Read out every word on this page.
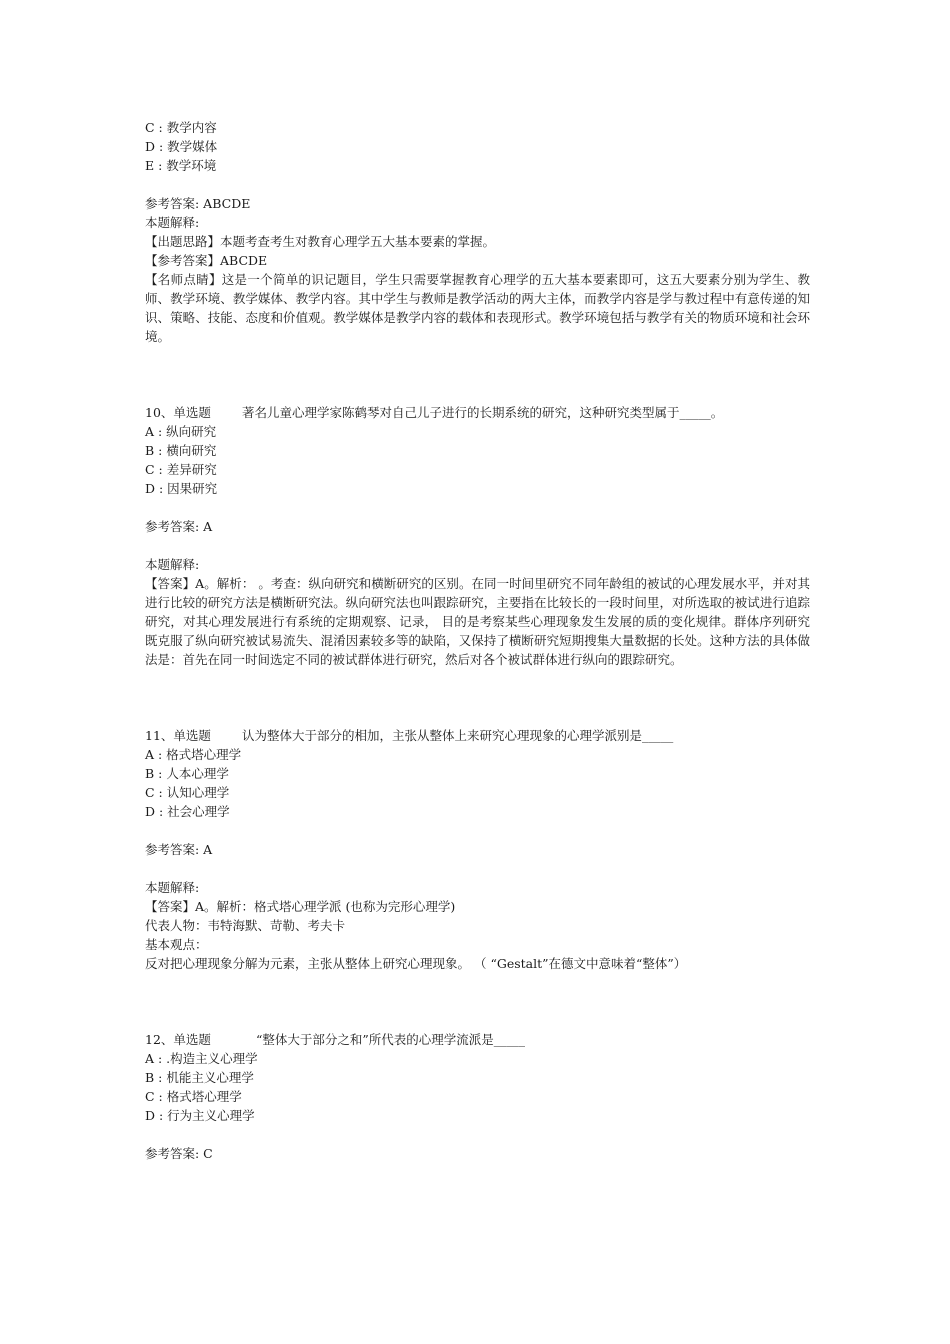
C : 教学内容
D : 教学媒体
E : 教学环境
参考答案: ABCDE
本题解释:
【出题思路】本题考查考生对教育心理学五大基本要素的掌握。
【参考答案】ABCDE
【名师点睛】这是一个简单的识记题目，学生只需要掌握教育心理学的五大基本要素即可，这五大要素分别为学生、教师、教学环境、教学媒体、教学内容。其中学生与教师是教学活动的两大主体，而教学内容是学与教过程中有意传递的知识、策略、技能、态度和价值观。教学媒体是教学内容的载体和表现形式。教学环境包括与教学有关的物质环境和社会环境。
10、单选题 著名儿童心理学家陈鹤琴对自己儿子进行的长期系统的研究，这种研究类型属于_____。
A : 纵向研究
B : 横向研究
C : 差异研究
D : 因果研究
参考答案: A
本题解释:
【答案】A。解析： 。考查：纵向研究和横断研究的区别。在同一时间里研究不同年龄组的被试的心理发展水平，并对其进行比较的研究方法是横断研究法。纵向研究法也叫跟踪研究，主要指在比较长的一段时间里，对所选取的被试进行追踪研究，对其心理发展进行有系统的定期观察、记录， 目的是考察某些心理现象发生发展的质的变化规律。群体序列研究既克服了纵向研究被试易流失、混淆因素较多等的缺陷，又保持了横断研究短期搜集大量数据的长处。这种方法的具体做法是：首先在同一时间选定不同的被试群体进行研究，然后对各个被试群体进行纵向的跟踪研究。
11、单选题 认为整体大于部分的相加，主张从整体上来研究心理现象的心理学派别是_____
A : 格式塔心理学
B : 人本心理学
C : 认知心理学
D : 社会心理学
参考答案: A
本题解释:
【答案】A。解析：格式塔心理学派 (也称为完形心理学)
代表人物：韦特海默、苛勒、考夫卡
基本观点：
反对把心理现象分解为元素，主张从整体上研究心理现象。 （ “Gestalt”在德文中意味着“整体”）
12、单选题	“整体大于部分之和”所代表的心理学流派是_____
A : .构造主义心理学
B : 机能主义心理学
C : 格式塔心理学
D : 行为主义心理学
参考答案: C
